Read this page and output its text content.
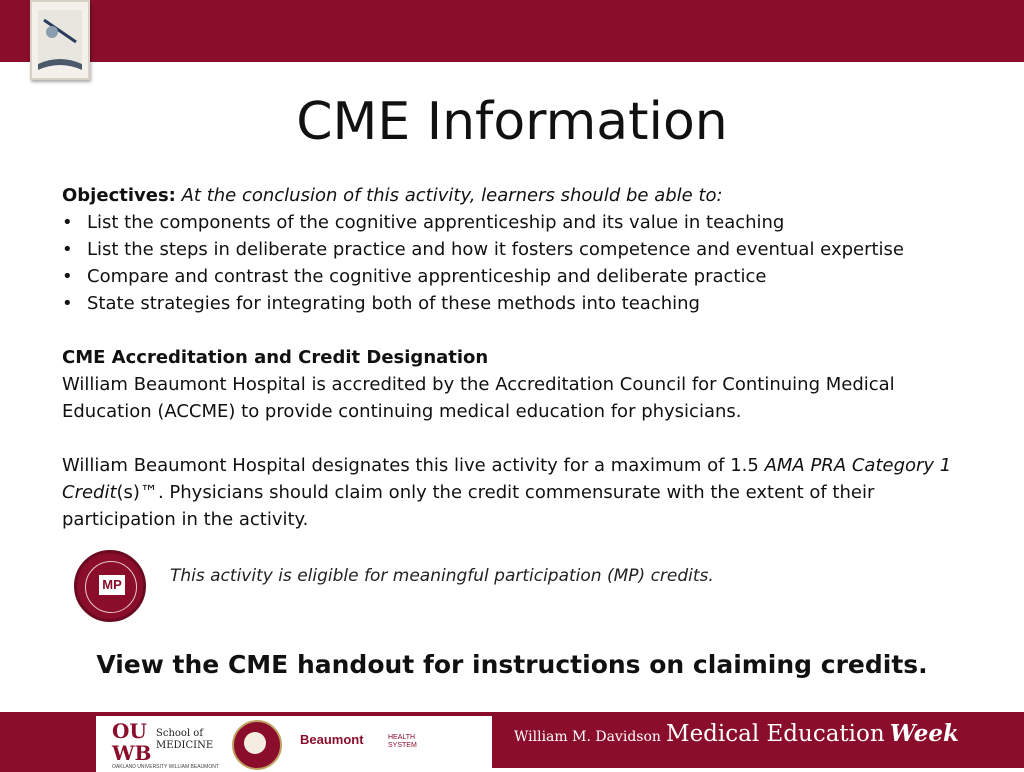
CME Information

Objectives: At the conclusion of this activity, learners should be able to:

• List the components of the cognitive apprenticeship and its value in teaching
• List the steps in deliberate practice and how it fosters competence and eventual expertise
• Compare and contrast the cognitive apprenticeship and deliberate practice
• State strategies for integrating both of these methods into teaching

CME Accreditation and Credit Designation

William Beaumont Hospital is accredited by the Accreditation Council for Continuing Medical Education (ACCME) to provide continuing medical education for physicians.

William Beaumont Hospital designates this live activity for a maximum of 1.5 AMA PRA Category 1 Credit(s)™. Physicians should claim only the credit commensurate with the extent of their participation in the activity.

MP	This activity is eligible for meaningful participation (MP) credits.
View the CME handout for instructions on claiming credits.
OU
WB
School of
MEDICINE
OAKLAND UNIVERSITY WILLIAM BEAUMONT
Beaumont	HEALTH
SYSTEM
William M. Davidson Medical Education Week
